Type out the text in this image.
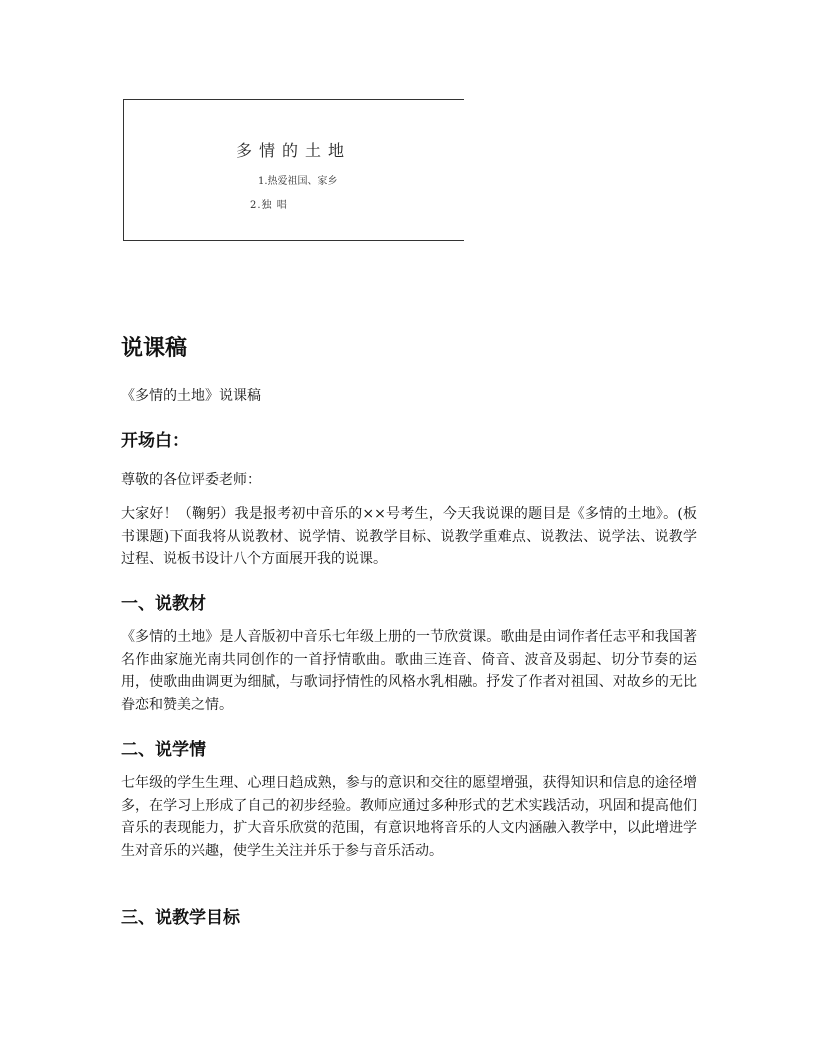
多情的土地
1.热爱祖国、家乡
2.独 唱
说课稿

《多情的土地》说课稿

开场白：

尊敬的各位评委老师：

大家好！（鞠躬）我是报考初中音乐的××号考生，今天我说课的题目是《多情的土地》。(板书课题)下面我将从说教材、说学情、说教学目标、说教学重难点、说教法、说学法、说教学过程、说板书设计八个方面展开我的说课。

一、说教材

《多情的土地》是人音版初中音乐七年级上册的一节欣赏课。歌曲是由词作者任志平和我国著名作曲家施光南共同创作的一首抒情歌曲。歌曲三连音、倚音、波音及弱起、切分节奏的运用，使歌曲曲调更为细腻，与歌词抒情性的风格水乳相融。抒发了作者对祖国、对故乡的无比眷恋和赞美之情。

二、说学情

七年级的学生生理、心理日趋成熟，参与的意识和交往的愿望增强，获得知识和信息的途径增多，在学习上形成了自己的初步经验。教师应通过多种形式的艺术实践活动，巩固和提高他们音乐的表现能力，扩大音乐欣赏的范围，有意识地将音乐的人文内涵融入教学中，以此增进学生对音乐的兴趣，使学生关注并乐于参与音乐活动。

三、说教学目标
